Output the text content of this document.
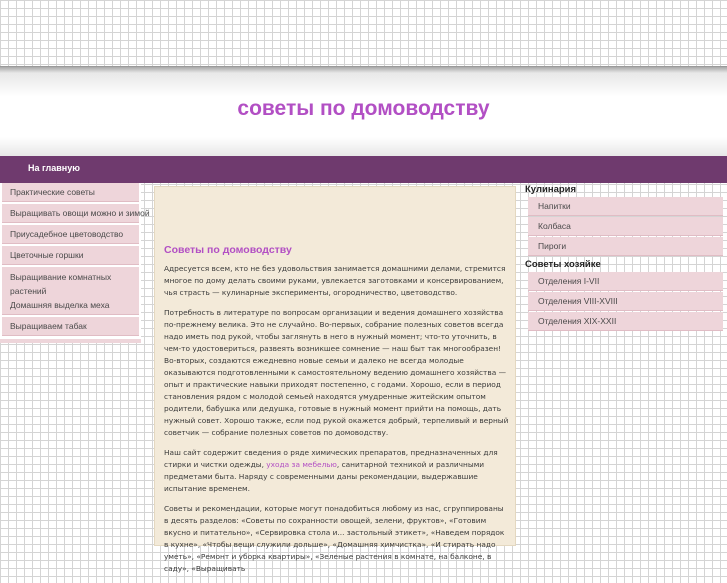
советы по домоводству
На главную
Практические советы
Выращивать овощи можно и зимой
Приусадебное цветоводство
Цветочные горшки
Выращивание комнатных растений
Домашняя выделка меха
Выращиваем табак
Советы по домоводству

Адресуется всем, кто не без удовольствия занимается домашними делами, стремится многое по дому делать своими руками, увлекается заготовками и консервированием, чья страсть — кулинарные эксперименты, огородничество, цветоводство.

Потребность в литературе по вопросам организации и ведения домашнего хозяйства по-прежнему велика. Это не случайно. Во-первых, собрание полезных советов всегда надо иметь под рукой, чтобы заглянуть в него в нужный момент; что-то уточнить, в чем-то удостовериться, развеять возникшее сомнение — наш быт так многообразен! Во-вторых, создаются ежедневно новые семьи и далеко не всегда молодые оказываются подготовленными к самостоятельному ведению домашнего хозяйства — опыт и практические навыки приходят постепенно, с годами. Хорошо, если в период становления рядом с молодой семьей находятся умудренные житейским опытом родители, бабушка или дедушка, готовые в нужный момент прийти на помощь, дать нужный совет. Хорошо также, если под рукой окажется добрый, терпеливый и верный советчик — собрание полезных советов по домоводству.

Наш сайт содержит сведения о ряде химических препаратов, предназначенных для стирки и чистки одежды, ухода за мебелью, санитарной техникой и различными предметами быта. Наряду с современными даны рекомендации, выдержавшие испытание временем.

Советы и рекомендации, которые могут понадобиться любому из нас, сгруппированы в десять разделов: «Советы по сохранности овощей, зелени, фруктов», «Готовим вкусно и питательно», «Сервировка стола и... застольный этикет», «Наведем порядок в кухне», «Чтобы вещи служили дольше», «Домашняя химчистка», «И стирать надо уметь», «Ремонт и уборка квартиры», «Зеленые растения в комнате, на балконе, в саду», «Выращивать

Кулинария
Напитки
Колбаса
Пироги
Советы хозяйке
Отделения I-VII
Отделения VIII-XVIII
Отделения XIX-XXII
